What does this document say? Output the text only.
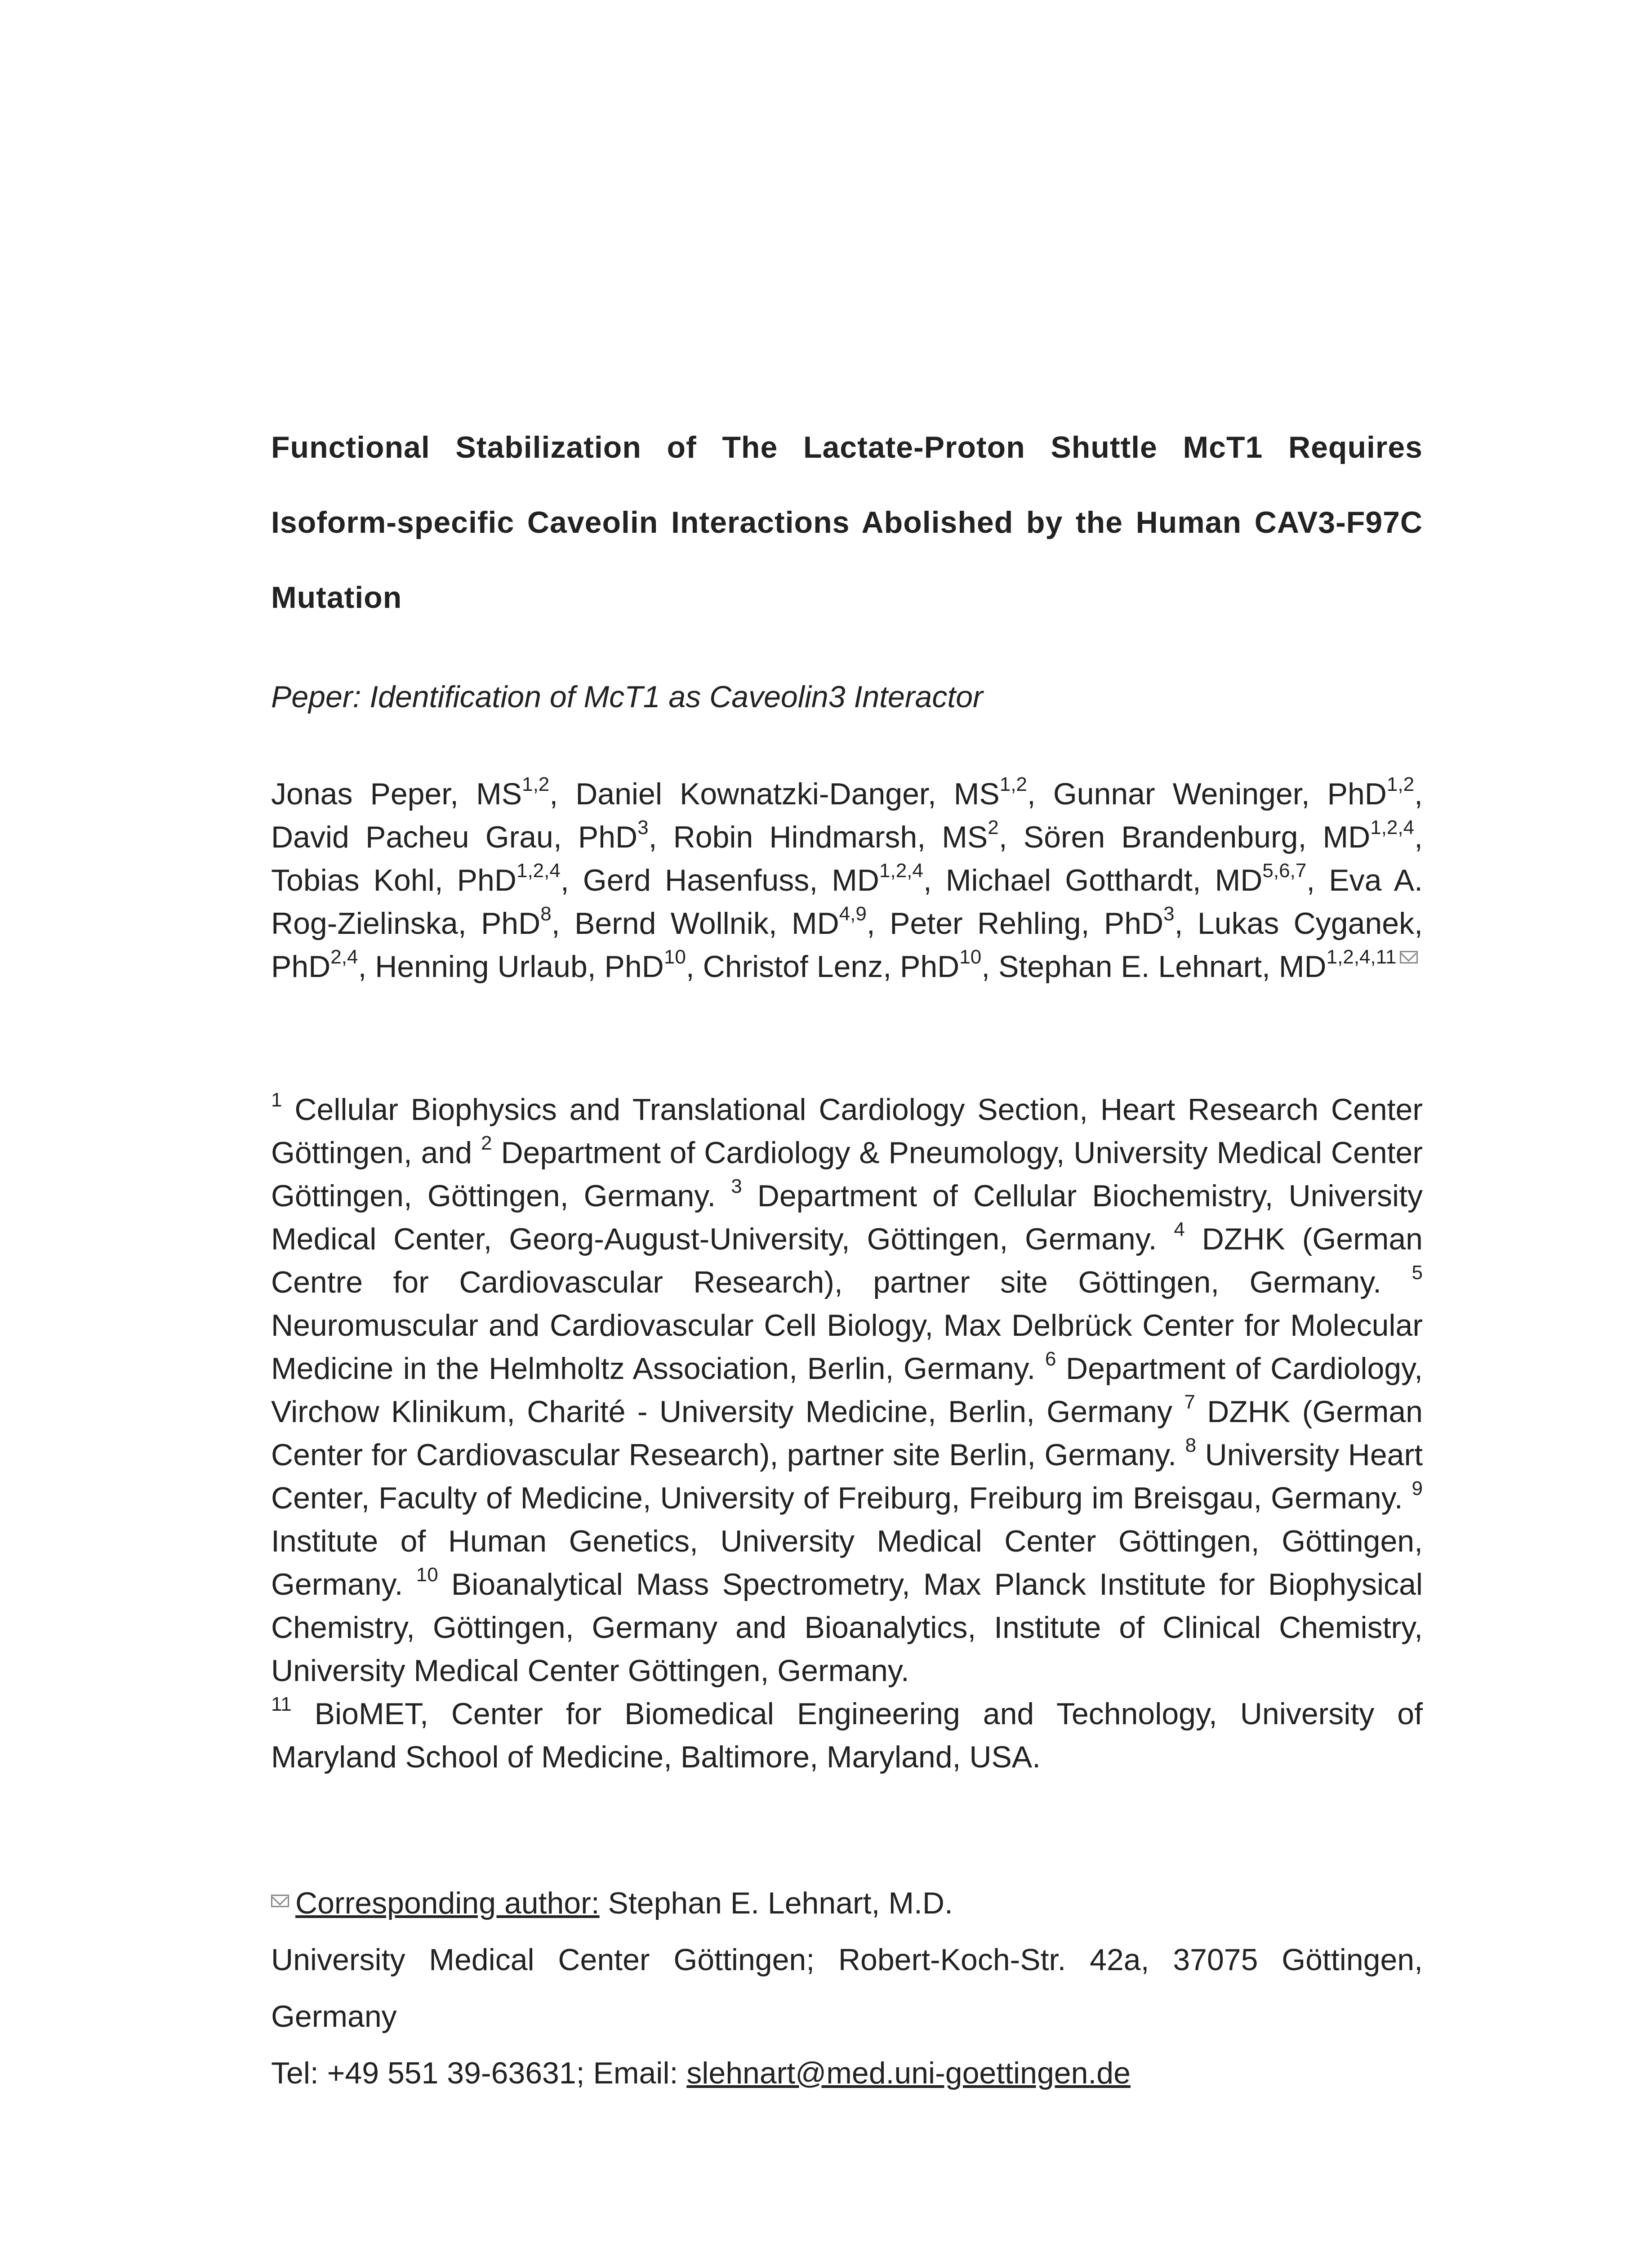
Functional Stabilization of The Lactate-Proton Shuttle McT1 Requires Isoform-specific Caveolin Interactions Abolished by the Human CAV3-F97C Mutation
Peper: Identification of McT1 as Caveolin3 Interactor
Jonas Peper, MS$^{1,2}$, Daniel Kownatzki-Danger, MS$^{1,2}$, Gunnar Weninger, PhD$^{1,2}$, David Pacheu Grau, PhD$^3$, Robin Hindmarsh, $MS^2$, Sören Brandenburg, MD$^{1,2,4}$, Tobias Kohl, PhD$^{1,2,4}$, Gerd Hasenfuss, MD$^{1,2,4}$, Michael Gotthardt, MD$^{5,6,7}$, Eva A. Rog-Zielinska, PhD$^8$, Bernd Wollnik, MD$^{4,9}$, Peter Rehling, PhD$^3$, Lukas Cyganek, PhD$^{2,4}$, Henning Urlaub, PhD$^{10}$, Christof Lenz, PhD$^{10}$, Stephan E. Lehnart, MD$^{1,2,4,11}$
$^1$ Cellular Biophysics and Translational Cardiology Section, Heart Research Center Göttingen, and $^2$ Department of Cardiology & Pneumology, University Medical Center Göttingen, Göttingen, Germany. $^3$ Department of Cellular Biochemistry, University Medical Center, Georg-August-University, Göttingen, Germany. $^4$ DZHK (German Centre for Cardiovascular Research), partner site Göttingen, Germany. $^5$ Neuromuscular and Cardiovascular Cell Biology, Max Delbrück Center for Molecular Medicine in the Helmholtz Association, Berlin, Germany. $^6$ Department of Cardiology, Virchow Klinikum, Charité - University Medicine, Berlin, Germany $^7$ DZHK (German Center for Cardiovascular Research), partner site Berlin, Germany. $^8$ University Heart Center, Faculty of Medicine, University of Freiburg, Freiburg im Breisgau, Germany. $^9$ Institute of Human Genetics, University Medical Center Göttingen, Göttingen, Germany. $^{10}$ Bioanalytical Mass Spectrometry, Max Planck Institute for Biophysical Chemistry, Göttingen, Germany and Bioanalytics, Institute of Clinical Chemistry, University Medical Center Göttingen, Germany.
$^{11}$ BioMET, Center for Biomedical Engineering and Technology, University of Maryland School of Medicine, Baltimore, Maryland, USA.
Corresponding author: Stephan E. Lehnart, M.D.
University Medical Center Göttingen; Robert-Koch-Str. 42a, 37075 Göttingen, Germany
Tel: +49 551 39-63631; Email: slehnart@med.uni-goettingen.de
